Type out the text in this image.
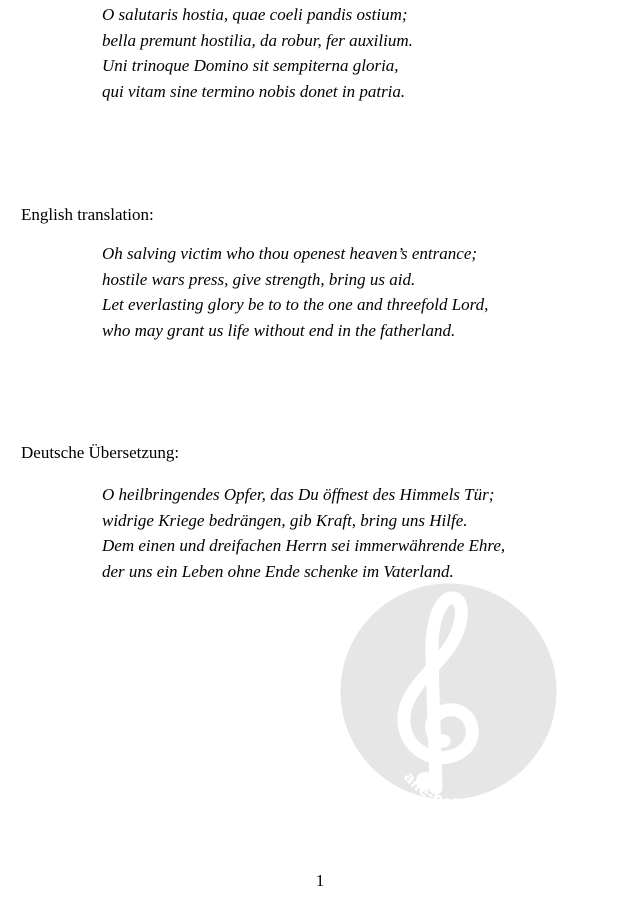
O salutaris hostia, quae coeli pandis ostium;
bella premunt hostilia, da robur, fer auxilium.
Uni trinoque Domino sit sempiterna gloria,
qui vitam sine termino nobis donet in patria.
English translation:
Oh salving victim who thou openest heaven’s entrance;
hostile wars press, give strength, bring us aid.
Let everlasting glory be to to the one and threefold Lord,
who may grant us life without end in the fatherland.
Deutsche Übersetzung:
O heilbringendes Opfer, das Du öffnest des Himmels Tür;
widrige Kriege bedrängen, gib Kraft, bring uns Hilfe.
Dem einen und dreifachen Herrn sei immerwährende Ehre,
der uns ein Leben ohne Ende schenke im Vaterland.
alle-n e
1
